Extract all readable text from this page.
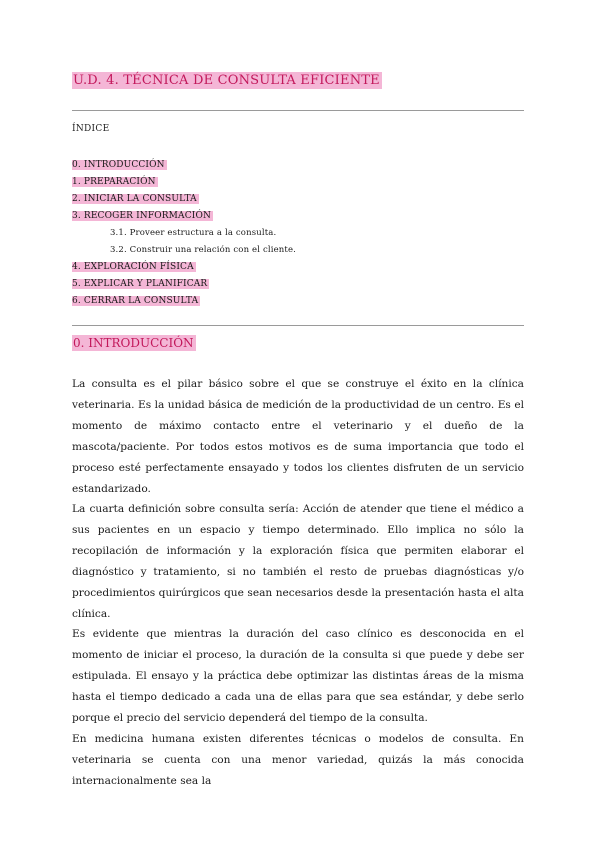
U.D. 4. TÉCNICA DE CONSULTA EFICIENTE
ÍNDICE
0. INTRODUCCIÓN
1. PREPARACIÓN
2. INICIAR LA CONSULTA
3. RECOGER INFORMACIÓN
3.1. Proveer estructura a la consulta.
3.2. Construir una relación con el cliente.
4. EXPLORACIÓN FÍSICA
5. EXPLICAR Y PLANIFICAR
6. CERRAR LA CONSULTA
0. INTRODUCCIÓN

La consulta es el pilar básico sobre el que se construye el éxito en la clínica veterinaria. Es la unidad básica de medición de la productividad de un centro. Es el momento de máximo contacto entre el veterinario y el dueño de la mascota/paciente. Por todos estos motivos es de suma importancia que todo el proceso esté perfectamente ensayado y todos los clientes disfruten de un servicio estandarizado.

La cuarta definición sobre consulta sería: Acción de atender que tiene el médico a sus pacientes en un espacio y tiempo determinado. Ello implica no sólo la recopilación de información y la exploración física que permiten elaborar el diagnóstico y tratamiento, si no también el resto de pruebas diagnósticas y/o procedimientos quirúrgicos que sean necesarios desde la presentación hasta el alta clínica.

Es evidente que mientras la duración del caso clínico es desconocida en el momento de iniciar el proceso, la duración de la consulta si que puede y debe ser estipulada. El ensayo y la práctica debe optimizar las distintas áreas de la misma hasta el tiempo dedicado a cada una de ellas para que sea estándar, y debe serlo porque el precio del servicio dependerá del tiempo de la consulta.

En medicina humana existen diferentes técnicas o modelos de consulta. En veterinaria se cuenta con una menor variedad, quizás la más conocida internacionalmente sea la
